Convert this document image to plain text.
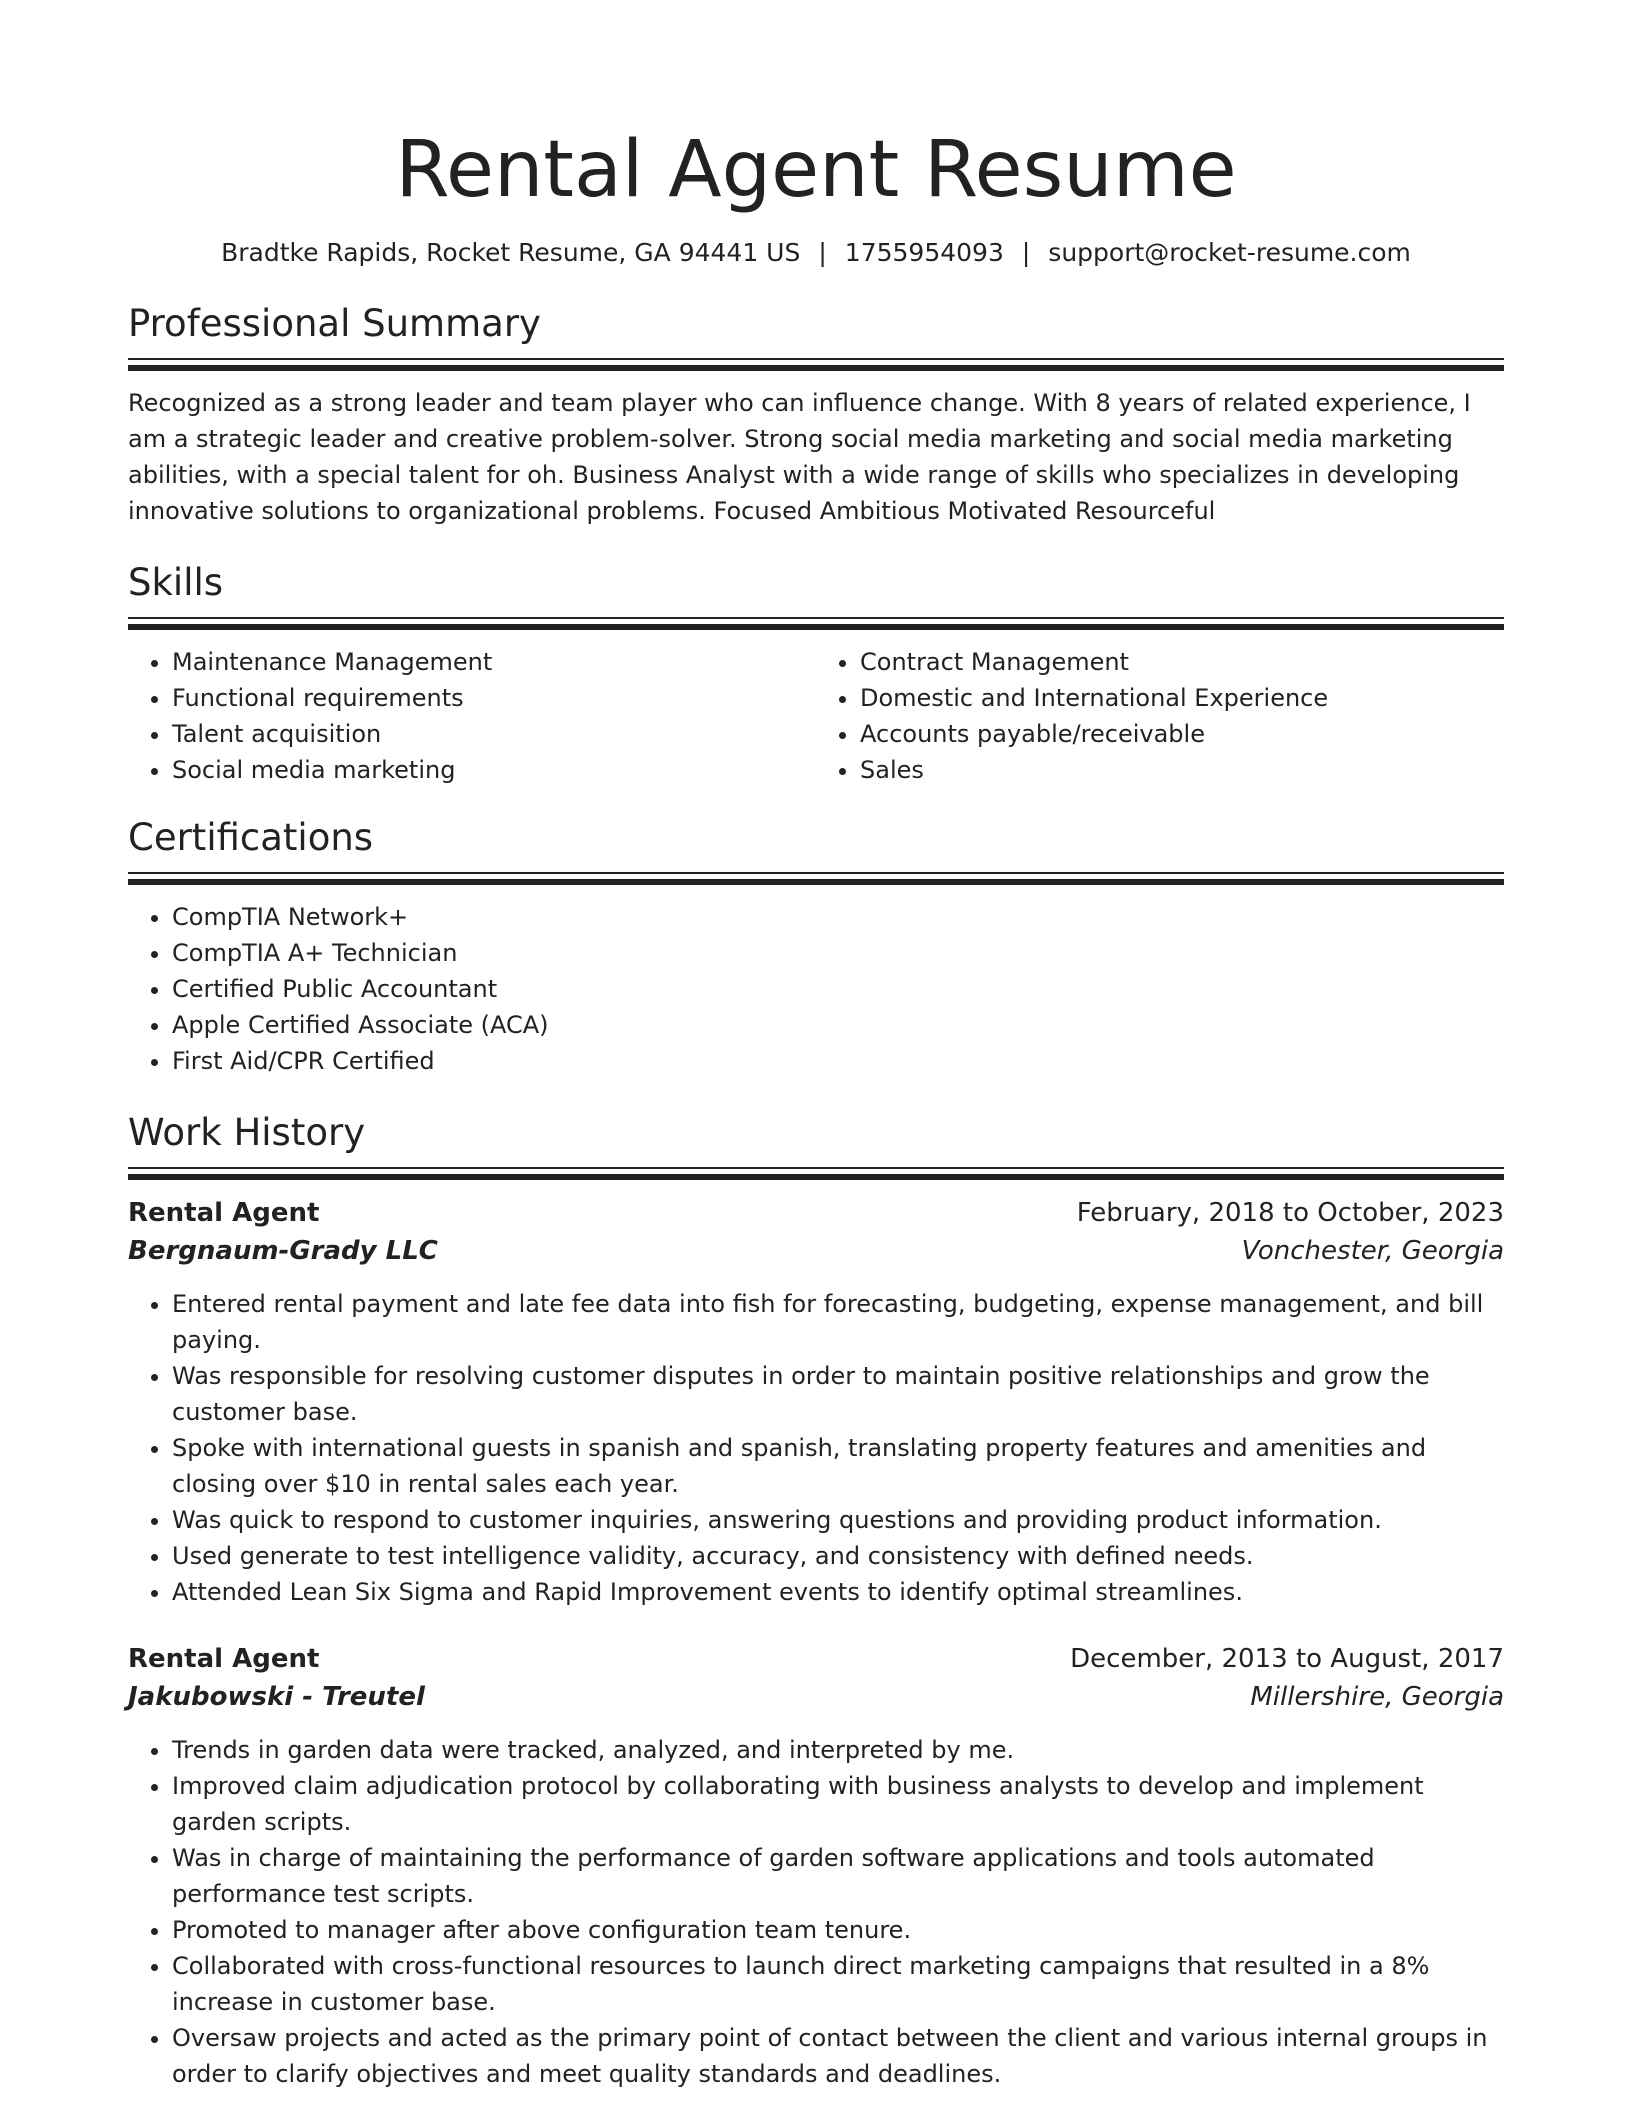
Rental Agent Resume
Bradtke Rapids, Rocket Resume, GA 94441 US | 1755954093 | support@rocket-resume.com
Professional Summary

Recognized as a strong leader and team player who can influence change. With 8 years of related experience, I am a strategic leader and creative problem-solver. Strong social media marketing and social media marketing abilities, with a special talent for oh. Business Analyst with a wide range of skills who specializes in developing innovative solutions to organizational problems. Focused Ambitious Motivated Resourceful

Skills
• Maintenance Management
• Functional requirements
• Talent acquisition
• Social media marketing
• Contract Management
• Domestic and International Experience
• Accounts payable/receivable
• Sales
Certifications
• CompTIA Network+
• CompTIA A+ Technician
• Certified Public Accountant
• Apple Certified Associate (ACA)
• First Aid/CPR Certified
Work History
Rental Agent	February, 2018 to October, 2023
Bergnaum-Grady LLC	Vonchester, Georgia
• Entered rental payment and late fee data into fish for forecasting, budgeting, expense management, and bill paying.
• Was responsible for resolving customer disputes in order to maintain positive relationships and grow the customer base.
• Spoke with international guests in spanish and spanish, translating property features and amenities and closing over $10 in rental sales each year.
• Was quick to respond to customer inquiries, answering questions and providing product information.
• Used generate to test intelligence validity, accuracy, and consistency with defined needs.
• Attended Lean Six Sigma and Rapid Improvement events to identify optimal streamlines.
Rental Agent	December, 2013 to August, 2017
Jakubowski - Treutel	Millershire, Georgia
• Trends in garden data were tracked, analyzed, and interpreted by me.
• Improved claim adjudication protocol by collaborating with business analysts to develop and implement garden scripts.
• Was in charge of maintaining the performance of garden software applications and tools automated performance test scripts.
• Promoted to manager after above configuration team tenure.
• Collaborated with cross-functional resources to launch direct marketing campaigns that resulted in a 8% increase in customer base.
• Oversaw projects and acted as the primary point of contact between the client and various internal groups in order to clarify objectives and meet quality standards and deadlines.
